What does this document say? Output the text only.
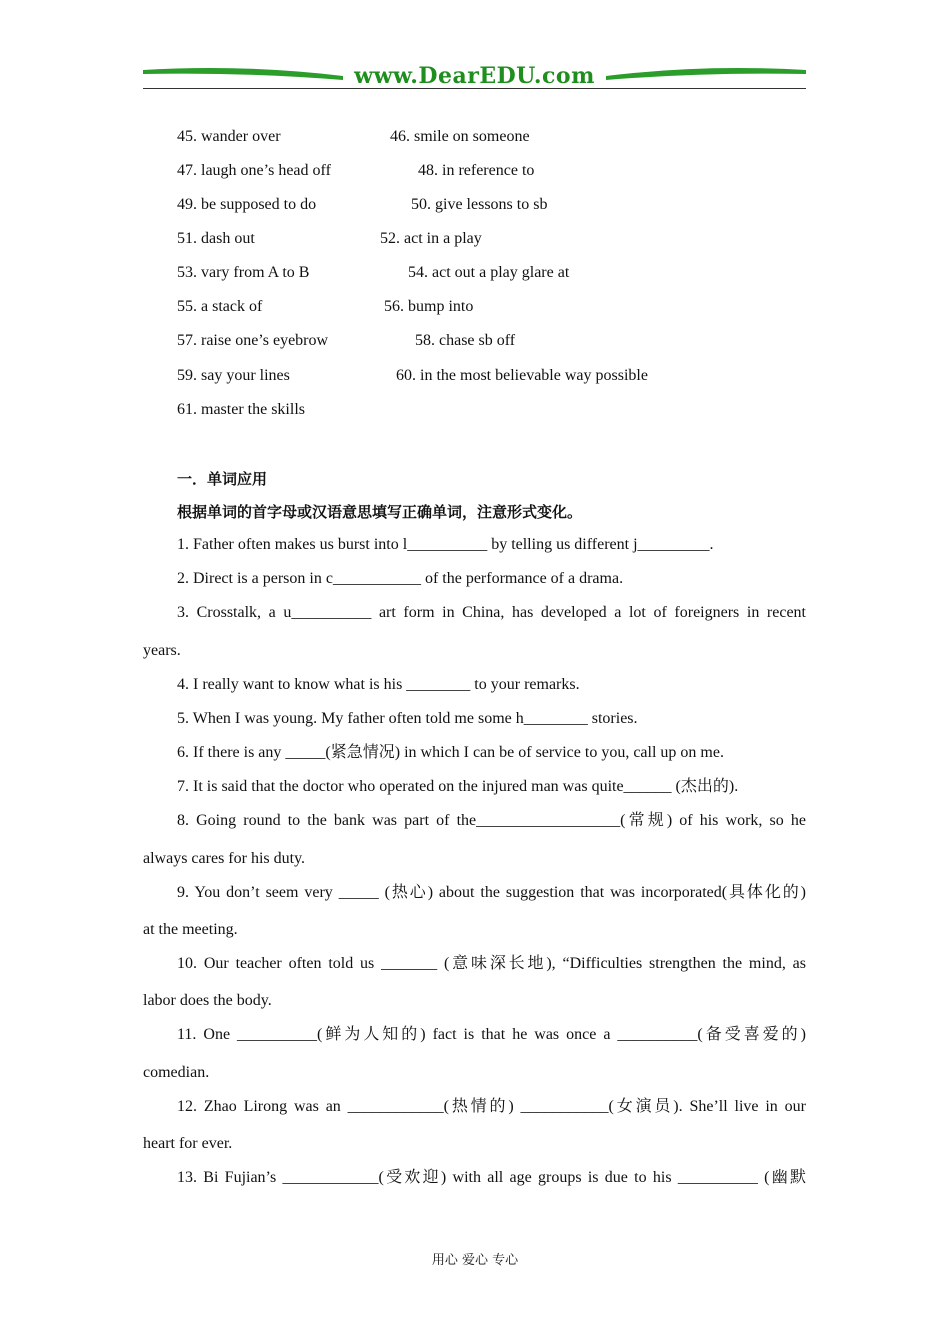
www.DearEDU.com
45. wander over	46. smile on someone
47. laugh one’s head off	48. in reference to
49. be supposed to do	50. give lessons to sb
51. dash out	52. act in a play
53. vary from A to B	54. act out a play glare at
55. a stack of	56. bump into
57. raise one’s eyebrow	58. chase sb off
59. say your lines	60. in the most believable way possible
61. master the skills
一．单词应用
根据单词的首字母或汉语意思填写正确单词，注意形式变化。
1. Father often makes us burst into l__________ by telling us different j_________.
2. Direct is a person in c___________ of the performance of a drama.
3. Crosstalk, a u__________ art form in China, has developed a lot of foreigners in recent
years.
4. I really want to know what is his ________ to your remarks.
5. When I was young. My father often told me some h________ stories.
6. If there is any _____(紧急情况) in which I can be of service to you, call up on me.
7. It is said that the doctor who operated on the injured man was quite______ (杰出的).
8. Going round to the bank was part of the__________________(常规) of his work, so he
always cares for his duty.
9. You don’t seem very _____ (热心) about the suggestion that was incorporated(具体化的)
at the meeting.
10. Our teacher often told us _______ (意味深长地), “Difficulties strengthen the mind, as
labor does the body.
11. One __________(鲜为人知的) fact is that he was once a __________(备受喜爱的)
comedian.
12. Zhao Lirong was an ____________(热情的) ___________(女演员). She’ll live in our
heart for ever.
13. Bi Fujian’s ____________(受欢迎) with all age groups is due to his __________ (幽默
用心 爱心 专心
